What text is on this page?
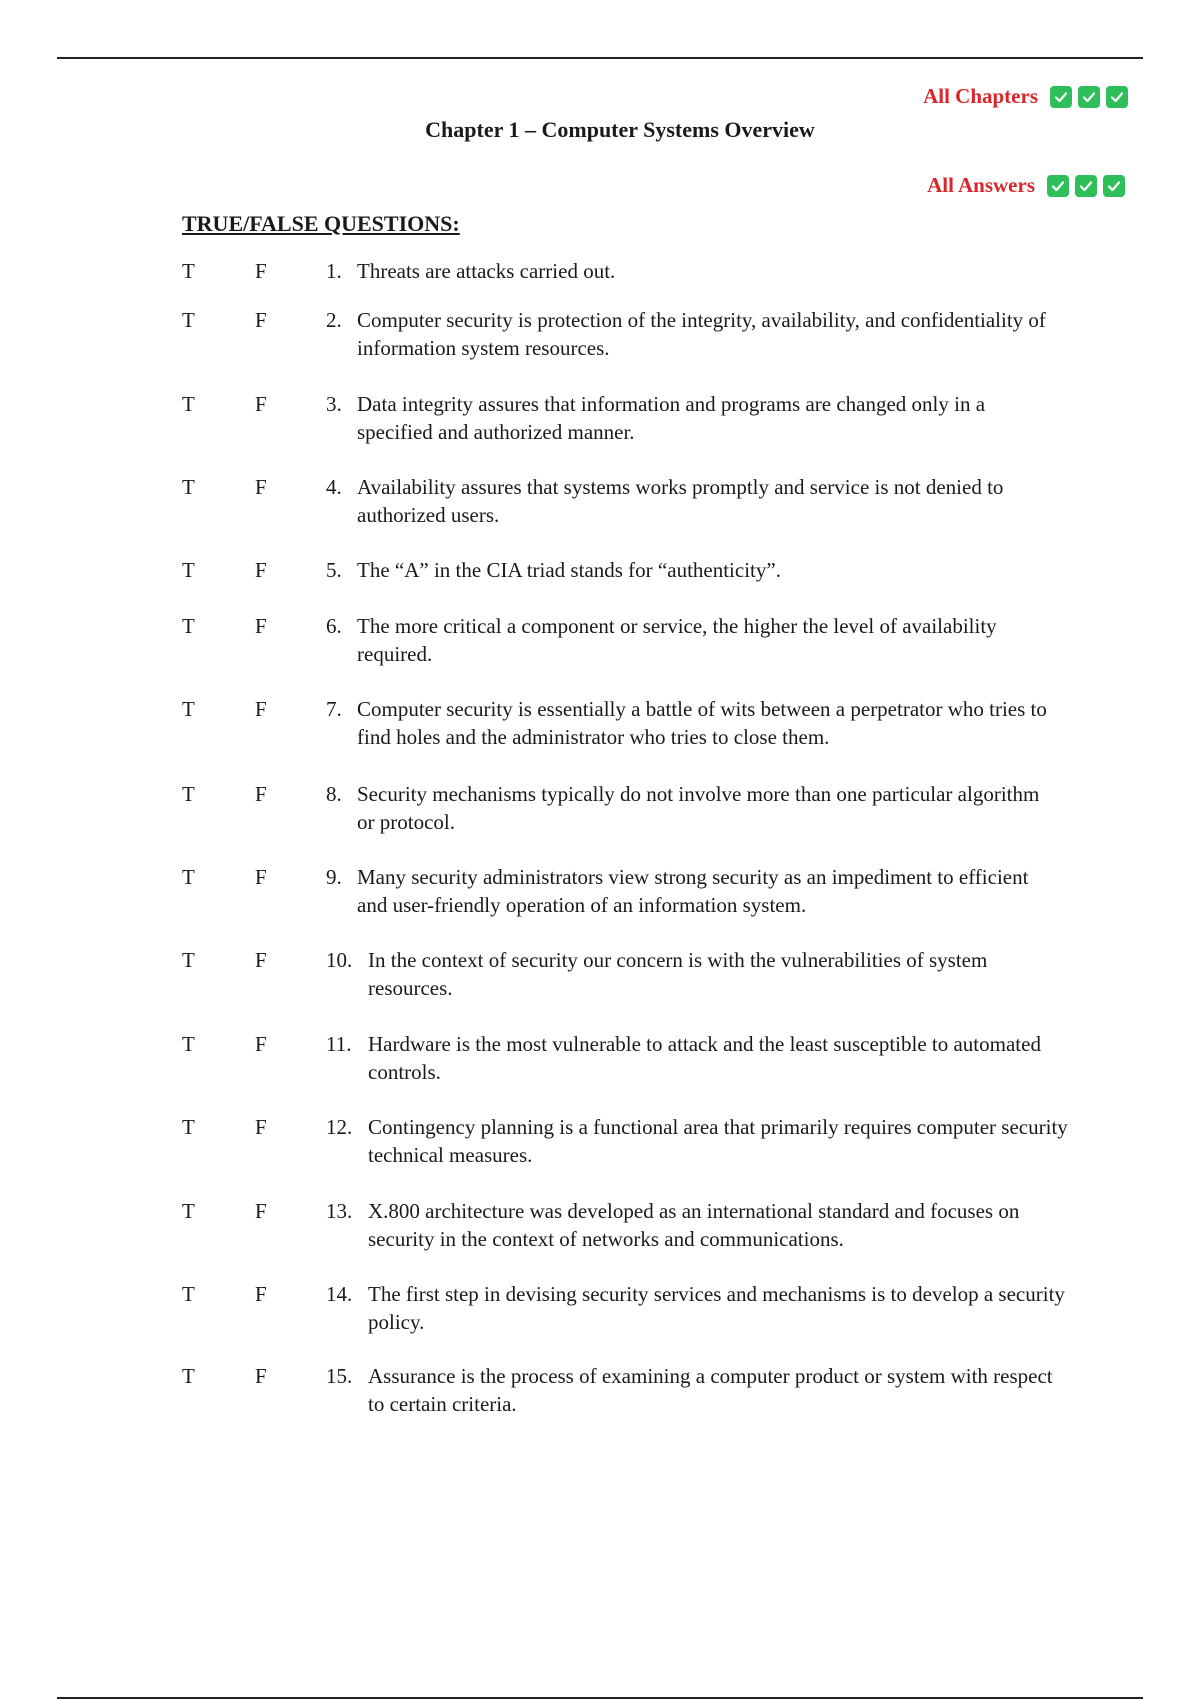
All Chapters
Chapter 1 – Computer Systems Overview
All Answers
TRUE/FALSE QUESTIONS:
T	F	1. Threats are attacks carried out.
T	F	2. Computer security is protection of the integrity, availability, and confidentiality of information system resources.
T	F	3. Data integrity assures that information and programs are changed only in a specified and authorized manner.
T	F	4. Availability assures that systems works promptly and service is not denied to authorized users.
T	F	5. The “A” in the CIA triad stands for “authenticity”.
T	F	6. The more critical a component or service, the higher the level of availability required.
T	F	7. Computer security is essentially a battle of wits between a perpetrator who tries to find holes and the administrator who tries to close them.
T	F	8. Security mechanisms typically do not involve more than one particular algorithm or protocol.
T	F	9. Many security administrators view strong security as an impediment to efficient and user-friendly operation of an information system.
T	F	10. In the context of security our concern is with the vulnerabilities of system resources.
T	F	11. Hardware is the most vulnerable to attack and the least susceptible to automated controls.
T	F	12. Contingency planning is a functional area that primarily requires computer security technical measures.
T	F	13. X.800 architecture was developed as an international standard and focuses on security in the context of networks and communications.
T	F	14. The first step in devising security services and mechanisms is to develop a security policy.
T	F	15. Assurance is the process of examining a computer product or system with respect to certain criteria.
